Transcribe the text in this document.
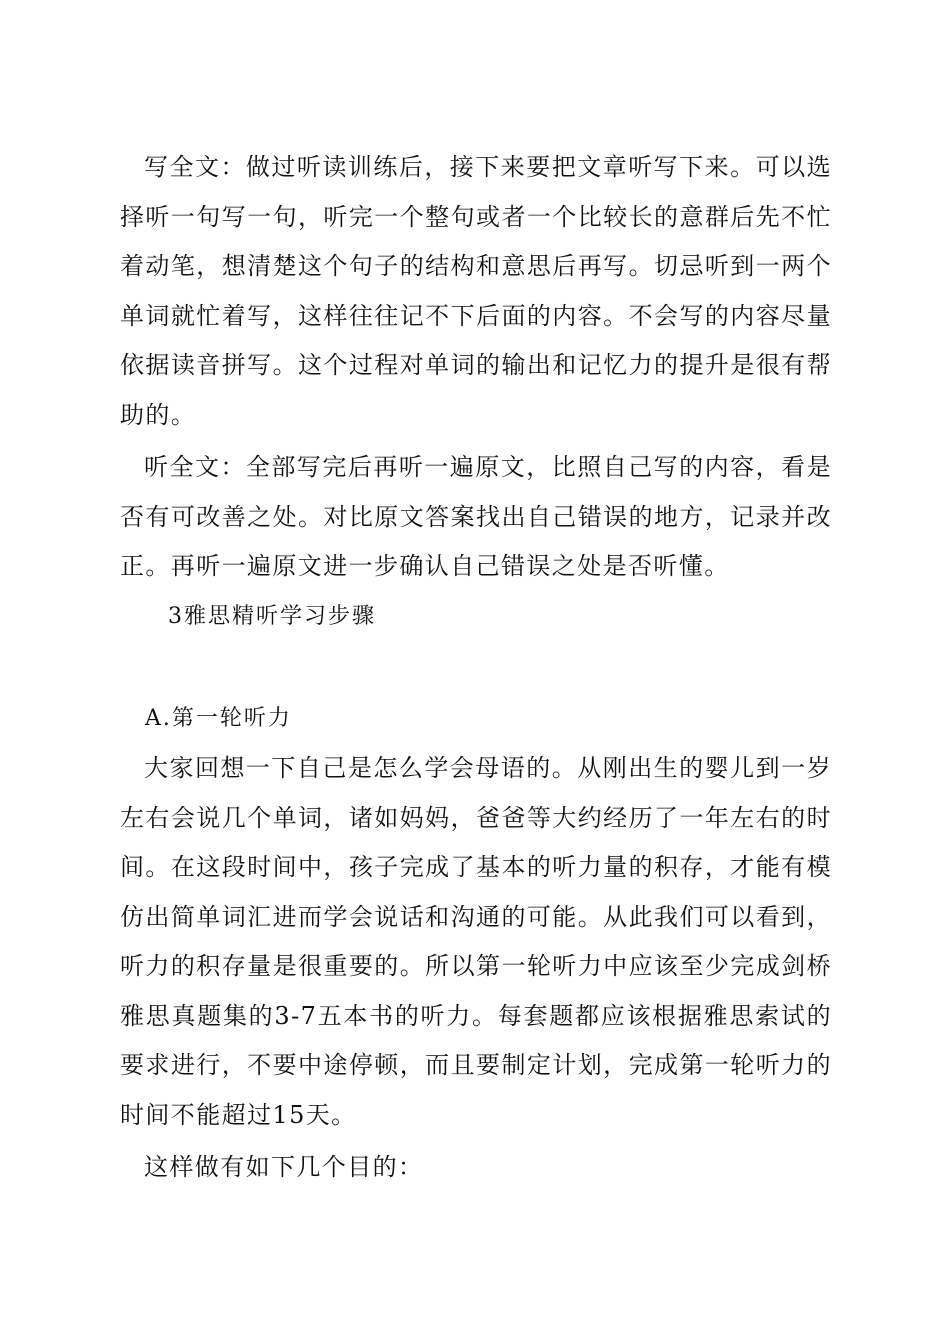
写全文：做过听读训练后，接下来要把文章听写下来。可以选择听一句写一句，听完一个整句或者一个比较长的意群后先不忙着动笔，想清楚这个句子的结构和意思后再写。切忌听到一两个单词就忙着写，这样往往记不下后面的内容。不会写的内容尽量依据读音拼写。这个过程对单词的输出和记忆力的提升是很有帮助的。

听全文：全部写完后再听一遍原文，比照自己写的内容，看是否有可改善之处。对比原文答案找出自己错误的地方，记录并改正。再听一遍原文进一步确认自己错误之处是否听懂。

3雅思精听学习步骤

A.第一轮听力

大家回想一下自己是怎么学会母语的。从刚出生的婴儿到一岁左右会说几个单词，诸如妈妈，爸爸等大约经历了一年左右的时间。在这段时间中，孩子完成了基本的听力量的积存，才能有模仿出简单词汇进而学会说话和沟通的可能。从此我们可以看到，听力的积存量是很重要的。所以第一轮听力中应该至少完成剑桥雅思真题集的3-7五本书的听力。每套题都应该根据雅思索试的要求进行，不要中途停顿，而且要制定计划，完成第一轮听力的时间不能超过15天。

这样做有如下几个目的：
